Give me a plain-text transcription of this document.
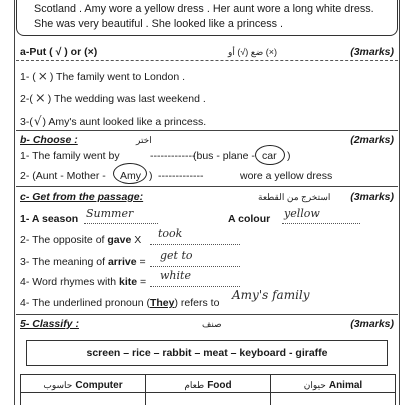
Scotland . Amy wore a yellow dress . Her aunt wore a long white dress.
She was very beautiful . She looked like a princess .
a-Put ( √ ) or (×)	ضع (√) أو (×)	(3marks)
1- ( × ) The family went to London .
2-( × ) The wedding was last weekend .
3-(√) Amy's aunt looked like a princess.
b- Choose :	اختر	(2marks)
1- The family went by	-------------
(bus - plane - car )
2- (Aunt - Mother - Amy ) -------------	wore a yellow dress
c- Get from the passage:	استخرج من القطعة (3marks)
1- A season Summer	A colour yellow
2- The opposite of gave X took
3- The meaning of arrive = get to
4- Word rhymes with kite = white
4- The underlined pronoun (They) refers to
Amy's family
5- Classify :	صنف	(3marks)
screen – rice – rabbit – meat – keyboard - giraffe
حاسوب Computer	طعام Food	حيوان Animal
